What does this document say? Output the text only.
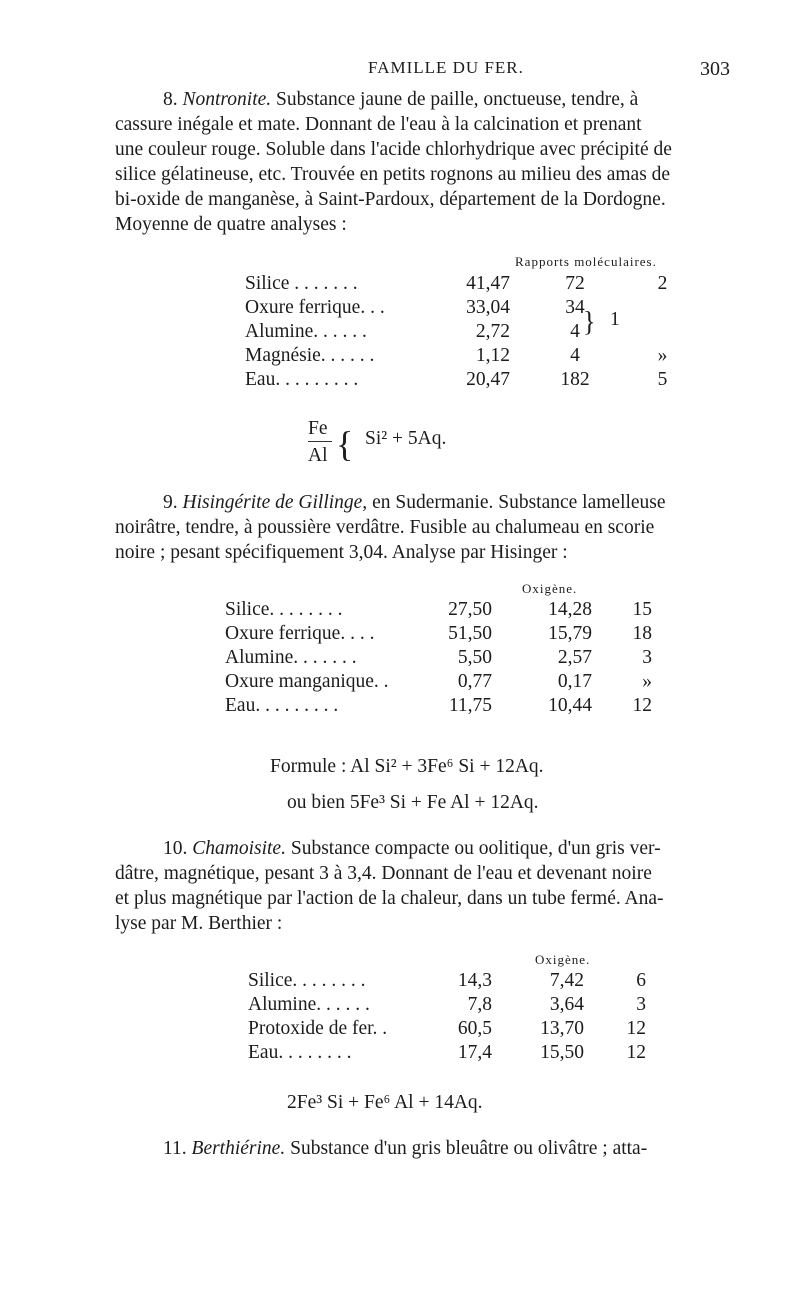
FAMILLE DU FER.	303
8. Nontronite. Substance jaune de paille, onctueuse, tendre, à
cassure inégale et mate. Donnant de l'eau à la calcination et prenant
une couleur rouge. Soluble dans l'acide chlorhydrique avec précipité de
silice gélatineuse, etc. Trouvée en petits rognons au milieu des amas de
bi-oxide de manganèse, à Saint-Pardoux, département de la Dordogne.
Moyenne de quatre analyses :
Rapports moléculaires.
Silice . . . . . . .	41,47	72	2
Oxure ferrique. . .	33,04	34	
Alumine. . . . . .	2,72	4	
Magnésie. . . . . .	1,12	4	»
Eau. . . . . . . . .	20,47	182	5
} 1
Fe
Al { Si² + 5Aq.
9. Hisingérite de Gillinge, en Sudermanie. Substance lamelleuse
noirâtre, tendre, à poussière verdâtre. Fusible au chalumeau en scorie
noire ; pesant spécifiquement 3,04. Analyse par Hisinger :
Oxigène.
Silice. . . . . . . .	27,50	14,28	15
Oxure ferrique. . . .	51,50	15,79	18
Alumine. . . . . . .	5,50	2,57	3
Oxure manganique. .	0,77	0,17	»
Eau. . . . . . . . .	11,75	10,44	12
Formule : Al Si² + 3Fe⁶ Si + 12Aq.
ou bien 5Fe³ Si + Fe Al + 12Aq.
10. Chamoisite. Substance compacte ou oolitique, d'un gris ver-
dâtre, magnétique, pesant 3 à 3,4. Donnant de l'eau et devenant noire
et plus magnétique par l'action de la chaleur, dans un tube fermé. Ana-
lyse par M. Berthier :
Oxigène.
Silice. . . . . . . .	14,3	7,42	6
Alumine. . . . . .	7,8	3,64	3
Protoxide de fer. .	60,5	13,70	12
Eau. . . . . . . .	17,4	15,50	12
2Fe³ Si + Fe⁶ Al + 14Aq.
11. Berthiérine. Substance d'un gris bleuâtre ou olivâtre ; atta-
